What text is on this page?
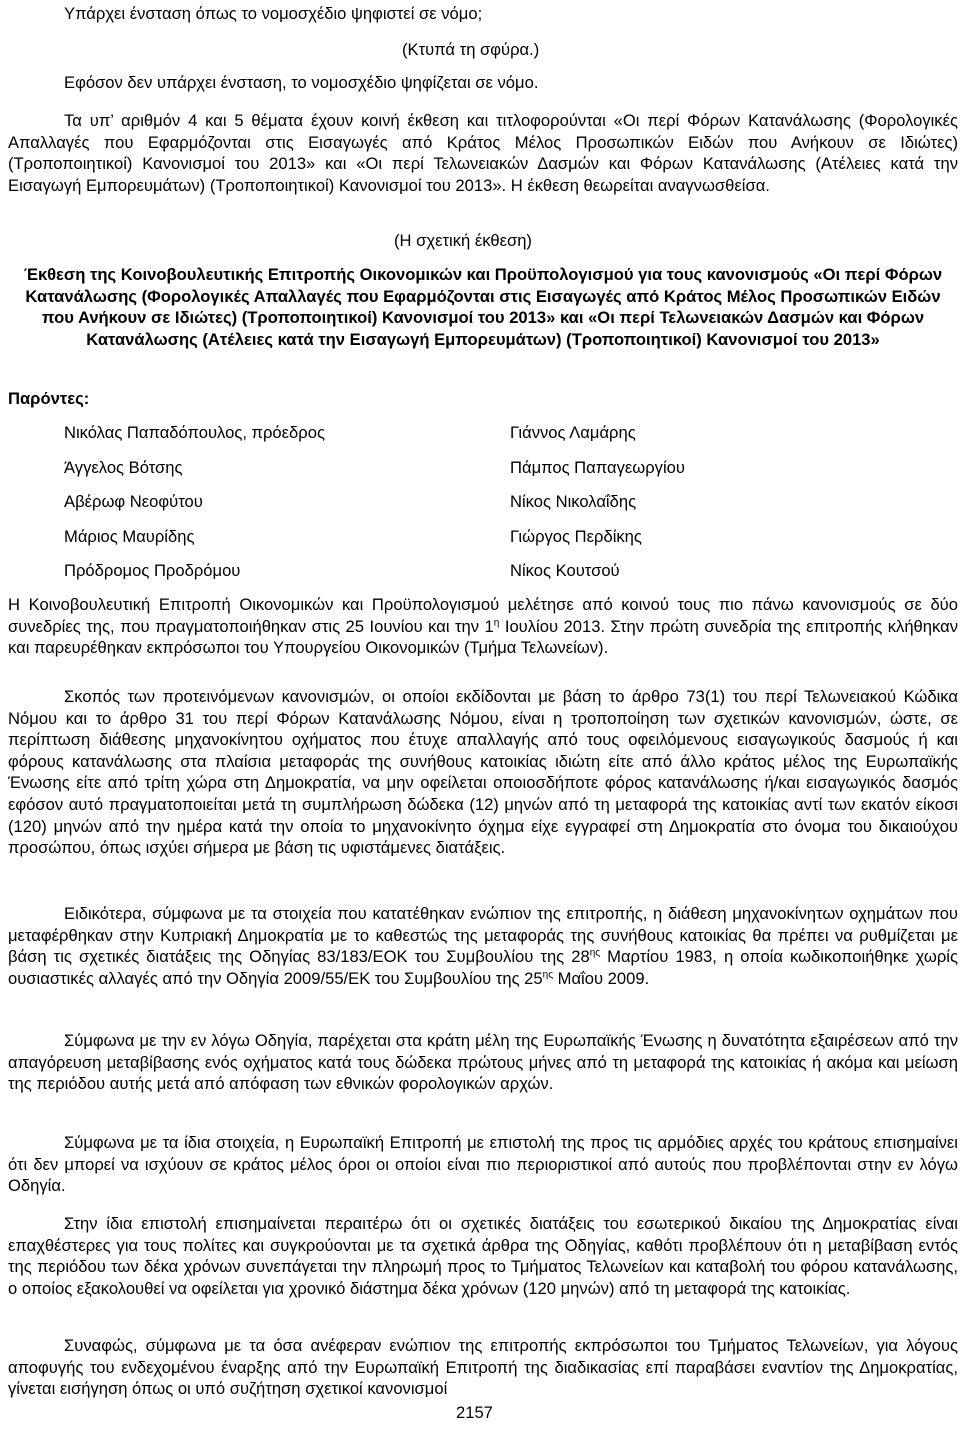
Υπάρχει ένσταση όπως το νομοσχέδιο ψηφιστεί σε νόμο;

(Κτυπά τη σφύρα.)

Εφόσον δεν υπάρχει ένσταση, το νομοσχέδιο ψηφίζεται σε νόμο.

Τα υπ’ αριθμόν 4 και 5 θέματα έχουν κοινή έκθεση και τιτλοφορούνται «Οι περί Φόρων Κατανάλωσης (Φορολογικές Απαλλαγές που Εφαρμόζονται στις Εισαγωγές από Κράτος Μέλος Προσωπικών Ειδών που Ανήκουν σε Ιδιώτες) (Τροποποιητικοί) Κανονισμοί του 2013» και «Οι περί Τελωνειακών Δασμών και Φόρων Κατανάλωσης (Ατέλειες κατά την Εισαγωγή Εμπορευμάτων) (Τροποποιητικοί) Κανονισμοί του 2013». Η έκθεση θεωρείται αναγνωσθείσα.

(Η σχετική έκθεση)

Έκθεση της Κοινοβουλευτικής Επιτροπής Οικονομικών και Προϋπολογισμού για τους κανονισμούς «Οι περί Φόρων Κατανάλωσης (Φορολογικές Απαλλαγές που Εφαρμόζονται στις Εισαγωγές από Κράτος Μέλος Προσωπικών Ειδών που Ανήκουν σε Ιδιώτες) (Τροποποιητικοί) Κανονισμοί του 2013» και «Οι περί Τελωνειακών Δασμών και Φόρων Κατανάλωσης (Ατέλειες κατά την Εισαγωγή Εμπορευμάτων) (Τροποποιητικοί) Κανονισμοί του 2013»

Παρόντες:

Νικόλας Παπαδόπουλος, πρόεδρος
Άγγελος Βότσης
Αβέρωφ Νεοφύτου
Μάριος Μαυρίδης
Πρόδρομος Προδρόμου
Γιάννος Λαμάρης
Πάμπος Παπαγεωργίου
Νίκος Νικολαΐδης
Γιώργος Περδίκης
Νίκος Κουτσού

Η Κοινοβουλευτική Επιτροπή Οικονομικών και Προϋπολογισμού μελέτησε από κοινού τους πιο πάνω κανονισμούς σε δύο συνεδρίες της, που πραγματοποιήθηκαν στις 25 Ιουνίου και την $1^\eta$ Ιουλίου 2013. Στην πρώτη συνεδρία της επιτροπής κλήθηκαν και παρευρέθηκαν εκπρόσωποι του Υπουργείου Οικονομικών (Τμήμα Τελωνείων).

Σκοπός των προτεινόμενων κανονισμών, οι οποίοι εκδίδονται με βάση το άρθρο 73(1) του περί Τελωνειακού Κώδικα Νόμου και το άρθρο 31 του περί Φόρων Κατανάλωσης Νόμου, είναι η τροποποίηση των σχετικών κανονισμών, ώστε, σε περίπτωση διάθεσης μηχανοκίνητου οχήματος που έτυχε απαλλαγής από τους οφειλόμενους εισαγωγικούς δασμούς ή και φόρους κατανάλωσης στα πλαίσια μεταφοράς της συνήθους κατοικίας ιδιώτη είτε από άλλο κράτος μέλος της Ευρωπαϊκής Ένωσης είτε από τρίτη χώρα στη Δημοκρατία, να μην οφείλεται οποιοσδήποτε φόρος κατανάλωσης ή/και εισαγωγικός δασμός εφόσον αυτό πραγματοποιείται μετά τη συμπλήρωση δώδεκα (12) μηνών από τη μεταφορά της κατοικίας αντί των εκατόν είκοσι (120) μηνών από την ημέρα κατά την οποία το μηχανοκίνητο όχημα είχε εγγραφεί στη Δημοκρατία στο όνομα του δικαιούχου προσώπου, όπως ισχύει σήμερα με βάση τις υφιστάμενες διατάξεις.

Ειδικότερα, σύμφωνα με τα στοιχεία που κατατέθηκαν ενώπιον της επιτροπής, η διάθεση μηχανοκίνητων οχημάτων που μεταφέρθηκαν στην Κυπριακή Δημοκρατία με το καθεστώς της μεταφοράς της συνήθους κατοικίας θα πρέπει να ρυθμίζεται με βάση τις σχετικές διατάξεις της Οδηγίας 83/183/ΕΟΚ του Συμβουλίου της $28^{\eta\varsigma}$ Μαρτίου 1983, η οποία κωδικοποιήθηκε χωρίς ουσιαστικές αλλαγές από την Οδηγία 2009/55/ΕΚ του Συμβουλίου της $25^{\eta\varsigma}$ Μαΐου 2009.

Σύμφωνα με την εν λόγω Οδηγία, παρέχεται στα κράτη μέλη της Ευρωπαϊκής Ένωσης η δυνατότητα εξαιρέσεων από την απαγόρευση μεταβίβασης ενός οχήματος κατά τους δώδεκα πρώτους μήνες από τη μεταφορά της κατοικίας ή ακόμα και μείωση της περιόδου αυτής μετά από απόφαση των εθνικών φορολογικών αρχών.

Σύμφωνα με τα ίδια στοιχεία, η Ευρωπαϊκή Επιτροπή με επιστολή της προς τις αρμόδιες αρχές του κράτους επισημαίνει ότι δεν μπορεί να ισχύουν σε κράτος μέλος όροι οι οποίοι είναι πιο περιοριστικοί από αυτούς που προβλέπονται στην εν λόγω Οδηγία.

Στην ίδια επιστολή επισημαίνεται περαιτέρω ότι οι σχετικές διατάξεις του εσωτερικού δικαίου της Δημοκρατίας είναι επαχθέστερες για τους πολίτες και συγκρούονται με τα σχετικά άρθρα της Οδηγίας, καθότι προβλέπουν ότι η μεταβίβαση εντός της περιόδου των δέκα χρόνων συνεπάγεται την πληρωμή προς το Τμήματος Τελωνείων και καταβολή του φόρου κατανάλωσης, ο οποίος εξακολουθεί να οφείλεται για χρονικό διάστημα δέκα χρόνων (120 μηνών) από τη μεταφορά της κατοικίας.

Συναφώς, σύμφωνα με τα όσα ανέφεραν ενώπιον της επιτροπής εκπρόσωποι του Τμήματος Τελωνείων, για λόγους αποφυγής του ενδεχομένου έναρξης από την Ευρωπαϊκή Επιτροπή της διαδικασίας επί παραβάσει εναντίον της Δημοκρατίας, γίνεται εισήγηση όπως οι υπό συζήτηση σχετικοί κανονισμοί

2157
